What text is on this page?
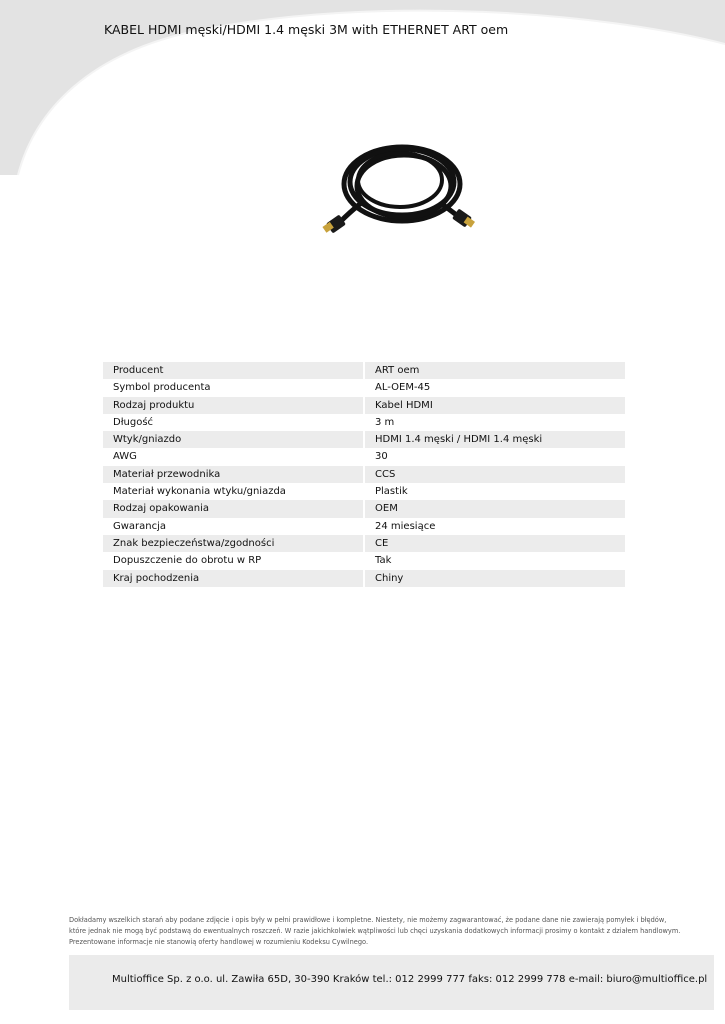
KABEL HDMI męski/HDMI 1.4 męski 3M with ETHERNET ART oem
Producent	ART oem
Symbol producenta	AL-OEM-45
Rodzaj produktu	Kabel HDMI
Długość	3 m
Wtyk/gniazdo	HDMI 1.4 męski / HDMI 1.4 męski
AWG	30
Materiał przewodnika	CCS
Materiał wykonania wtyku/gniazda	Plastik
Rodzaj opakowania	OEM
Gwarancja	24 miesiące
Znak bezpieczeństwa/zgodności	CE
Dopuszczenie do obrotu w RP	Tak
Kraj pochodzenia	Chiny
Dokładamy wszelkich starań aby podane zdjęcie i opis były w pełni prawidłowe i kompletne. Niestety, nie możemy zagwarantować, że podane dane nie zawierają pomyłek i błędów,
które jednak nie mogą być podstawą do ewentualnych roszczeń. W razie jakichkolwiek wątpliwości lub chęci uzyskania dodatkowych informacji prosimy o kontakt z działem handlowym.
Prezentowane informacje nie stanowią oferty handlowej w rozumieniu Kodeksu Cywilnego.
Multioffice Sp. z o.o. ul. Zawiła 65D, 30-390 Kraków tel.: 012 2999 777 faks: 012 2999 778 e-mail: biuro@multioffice.pl
